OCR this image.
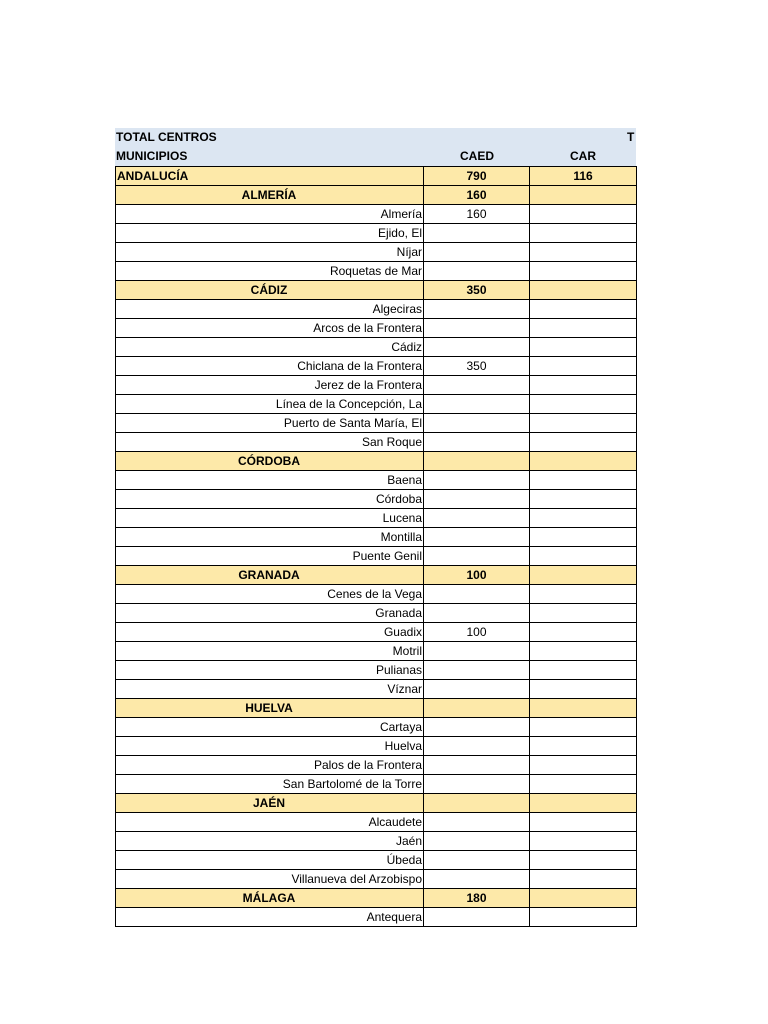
TOTAL CENTROS	T
MUNICIPIOS	CAED	CAR
ANDALUCÍA	790	116
ALMERÍA	160	
Almería	160	
Ejido, El		
Níjar		
Roquetas de Mar		
CÁDIZ	350	
Algeciras		
Arcos de la Frontera		
Cádiz		
Chiclana de la Frontera	350	
Jerez de la Frontera		
Línea de la Concepción, La		
Puerto de Santa María, El		
San Roque		
CÓRDOBA		
Baena		
Córdoba		
Lucena		
Montilla		
Puente Genil		
GRANADA	100	
Cenes de la Vega		
Granada		
Guadix	100	
Motril		
Pulianas		
Víznar		
HUELVA		
Cartaya		
Huelva		
Palos de la Frontera		
San Bartolomé de la Torre		
JAÉN		
Alcaudete		
Jaén		
Úbeda		
Villanueva del Arzobispo		
MÁLAGA	180	
Antequera		
